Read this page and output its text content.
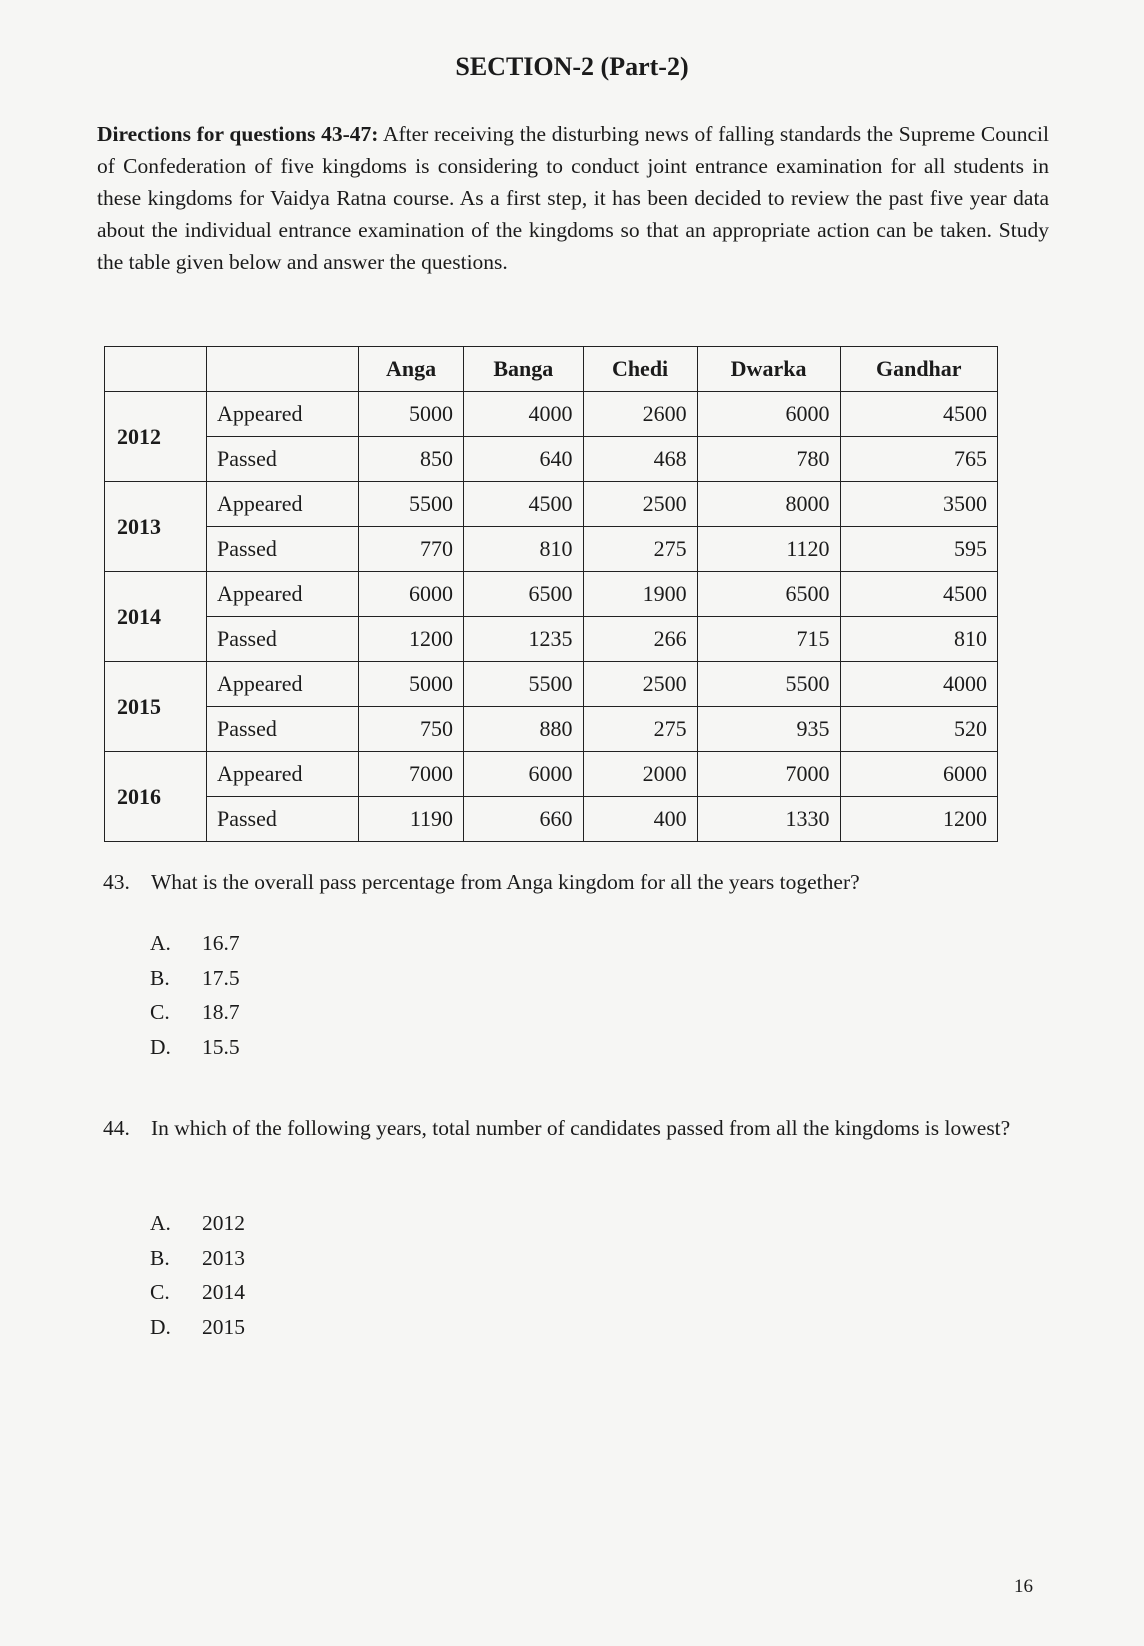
SECTION-2 (Part-2)
Directions for questions 43-47: After receiving the disturbing news of falling standards the Supreme Council of Confederation of five kingdoms is considering to conduct joint entrance examination for all students in these kingdoms for Vaidya Ratna course. As a first step, it has been decided to review the past five year data about the individual entrance examination of the kingdoms so that an appropriate action can be taken. Study the table given below and answer the questions.
		Anga	Banga	Chedi	Dwarka	Gandhar
2012	Appeared	5000	4000	2600	6000	4500
	Passed	850	640	468	780	765
2013	Appeared	5500	4500	2500	8000	3500
	Passed	770	810	275	1120	595
2014	Appeared	6000	6500	1900	6500	4500
	Passed	1200	1235	266	715	810
2015	Appeared	5000	5500	2500	5500	4000
	Passed	750	880	275	935	520
2016	Appeared	7000	6000	2000	7000	6000
	Passed	1190	660	400	1330	1200
43. What is the overall pass percentage from Anga kingdom for all the years together?
A.	16.7
B.	17.5
C.	18.7
D.	15.5
44. In which of the following years, total number of candidates passed from all the kingdoms is lowest?
A.	2012
B.	2013
C.	2014
D.	2015
16
